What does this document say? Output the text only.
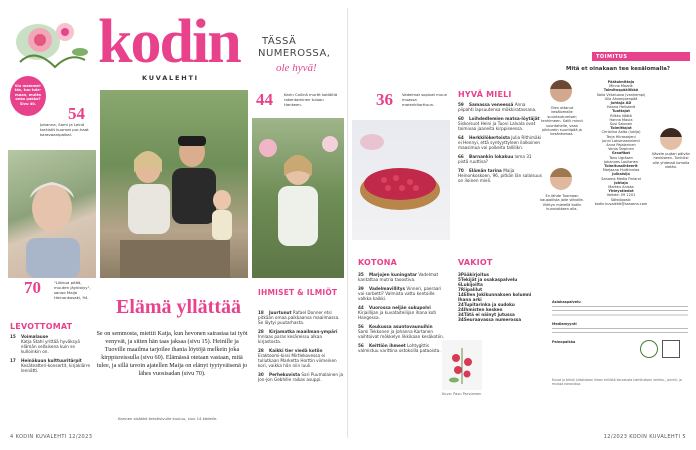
kodin
KUVALEHTI
TÄSSÄ
NUMEROSSA,
ole hyvä!
Viu mammel-täs, tuu tule-maan, mutta onko pakko? Sivu 40.
54
Johanna, Sami ja Leinä tarkistit kuumet pur-haat karavaanipaikal.
70	"Liikkua pitää, muuten jäykistyy", sanoo Maija Heinonkosaki, 94.
44	Karin Collinä murtit kotiäitiä rakentaminen tuloon Hankeen.
LEVOTTOMAT
15 Voimalause
Katja Stahl yrittää hyväksyä elämän sellaisena kuin se kulloinkin on.
17 Heinäkuun kulttuuritärpit
Kesäteatteri-konsertit, kirjaklärre lennätti.
Elämä yllättää
Se on semmosta, miettii Katja, kun hevonen sairastaa tai työt venyvät, ja sitten hän taas jaksaa (sivu 15). Heinille ja Tuoville maailma tarjoilee ihania löytöjä melkein joka kirppisreissulla (sivu 60). Elämässä otetaan vastaan, mitä tulee, ja sillä tavoin ajatellen Maija on elänyt tyytyväisenä jo lähes vuosisadan (sivu 70).
Kannen sisäkkö tekstisivulle kuuluu, sivu 14 kädelle.
IHMISET & ILMIÖT
18 Juurtunut Rafael Donner etsi pitkään omaa paikkaansa maailmassa. Se löytyi puutarhasta.
28 Kirjamatka maailman-ympäri Innlaas paras kesäreissu alkaa kirjastosta.
28 Kaikki tier viedä kotiin Eraktoomi-kissi Mirtlekovessa ei tullutkaan Marketta Horttin viimeinen kori, vaikka hän niin luuli.
30 Perhekuvista Sari Puumalainen ja Jon-Jon Gebhille raikas asuppi.
4 KODIN KUVALEHTI 12/2023
36 Vadelmat sopivat muun muassa marenkitorttuun.
HYVÄ MIELI
59 Samassa veneessä Anna piipahti lapsuutensa mökkiratassana.
60 Loihdedlemien matsa-löytäjät Sisko/suot Heini ja Tuovi Lalvala ovat toimivaa jaaneita kirppiseessa.
64 Herkkilökertoista Julia Rithimäki ei Hennyi, että syntyyttyleen ilalkoinen maasimua voi polkeita tallilikn.
66 Barnankin lokakuu loma 31 pistä ruuttisa?
70 Elämän tarina Maija Heinonkoskoen, 96, pitkän län salaisuus on iloinen mieli.
KOTONA
35 Marjojen kuningatar Vadelmat kantattaa mutria taoostiva.
39 Vadelmavillitys Vinneri, paeraari vai sorbetti? Valmista vattu kentoille valkka kaikki.
44 Vuorossa neljän sukupolvi Kirjaillijan ja kuvataiteilijan ihana koti Hangessa.
56 Koukussa asuntovaunuihin Sami Tekkonen ja Johanna Kartanen vaihtoivat mökkelyn likkikaan kesäkotiin.
56 Keittiön ihmeet Lohtygittis valmistuu varittina ostoksilla pataoista.
VAKIOT
3Pääkirjoitus
5Tekijät ja osakaspalvelu
6Lukijoilta
7Riipalilut
14Ellen Jokikunnaksen kolumni Ihana arki
24Tupitarinka ja sudoku
24Ihmisten kesken
34Tätä ei näinyt jutussa
34Seuraavassa numerossa
Kuva: Pasu Parviainen
TOIMITUS
Mitä et oinakaan tee kesälomalla?
Olen ottanut kesälomalle suuntautumisen tenhimeen. Salili minut suuntahelle, vaan pikkurein suuntipää ja kesäntomaa.
En lähde Tuomaan kaupallista jolle viikoille. Viihtyn mielellä kotiin kunnioittaen olla.
Kävele pujtan päivän henkiseen. Tunkiksi olle yhdessä lomalla vietän.
Päätoimittaja
Minna Mozzik
Toimituspäällikkö
Saila Virtaluova (vanhempi)
Ulla Ahvenjoenpää
Johtaja AD
Hanna Hellstedt
Tuottajat
Riikka Väätä
Hanna Maula
Susi Salonen
Toimittajat
Christina Aalto (lukija)
Terja Hiirasarjeni
Jonni Lakumaanniemi
Anna Pajalarinen
Venla Tarpinen
Graafikot
Tanu Ugräsen
Johannes Louilanen
Toimitussihteerit
Marjaana Huittinnlaa
Julkaisija
Sanoma Media Finland
Johtaja
Markku Aniska
Yhteystiedot
Vaihde: 09 1201
Sähköposti:
kodin.kuvalehti@sanoma.com
Asiakaspalvelu
Mediamyynti
Painopaikka
Kuvat ja teksti julkaistaan ilman erillistä korvausta toimituksen verkko-, printti- ja muissa kanavissa.
12/2023 KODIN KUVALEHTI 5
